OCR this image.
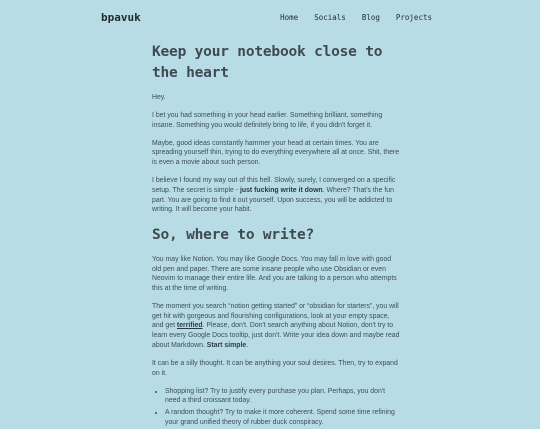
bpavuk	Home Socials Blog Projects
Keep your notebook close to the heart

Hey.

I bet you had something in your head earlier. Something brilliant, something insane. Something you would definitely bring to life, if you didn't forget it.

Maybe, good ideas constantly hammer your head at certain times. You are spreading yourself thin, trying to do everything everywhere all at once. Shit, there is even a movie about such person.

I believe I found my way out of this hell. Slowly, surely, I converged on a specific setup. The secret is simple - just fucking write it down. Where? That's the fun part. You are going to find it out yourself. Upon success, you will be addicted to writing. It will become your habit.

So, where to write?

You may like Notion. You may like Google Docs. You may fall in love with good old pen and paper. There are some insane people who use Obsidian or even Neovim to manage their entire life. And you are talking to a person who attempts this at the time of writing.

The moment you search “notion getting started” or “obsidian for starters”, you will get hit with gorgeous and flourishing configurations, look at your empty space, and get terrified. Please, don't. Don't search anything about Notion, don't try to learn every Google Docs tooltip, just don't. Write your idea down and maybe read about Markdown. Start simple.

It can be a silly thought. It can be anything your soul desires. Then, try to expand on it.

• Shopping list? Try to justify every purchase you plan. Perhaps, you don't need a third croissant today.
• A random thought? Try to make it more coherent. Spend some time refining your grand unified theory of rubber duck conspiracy.
